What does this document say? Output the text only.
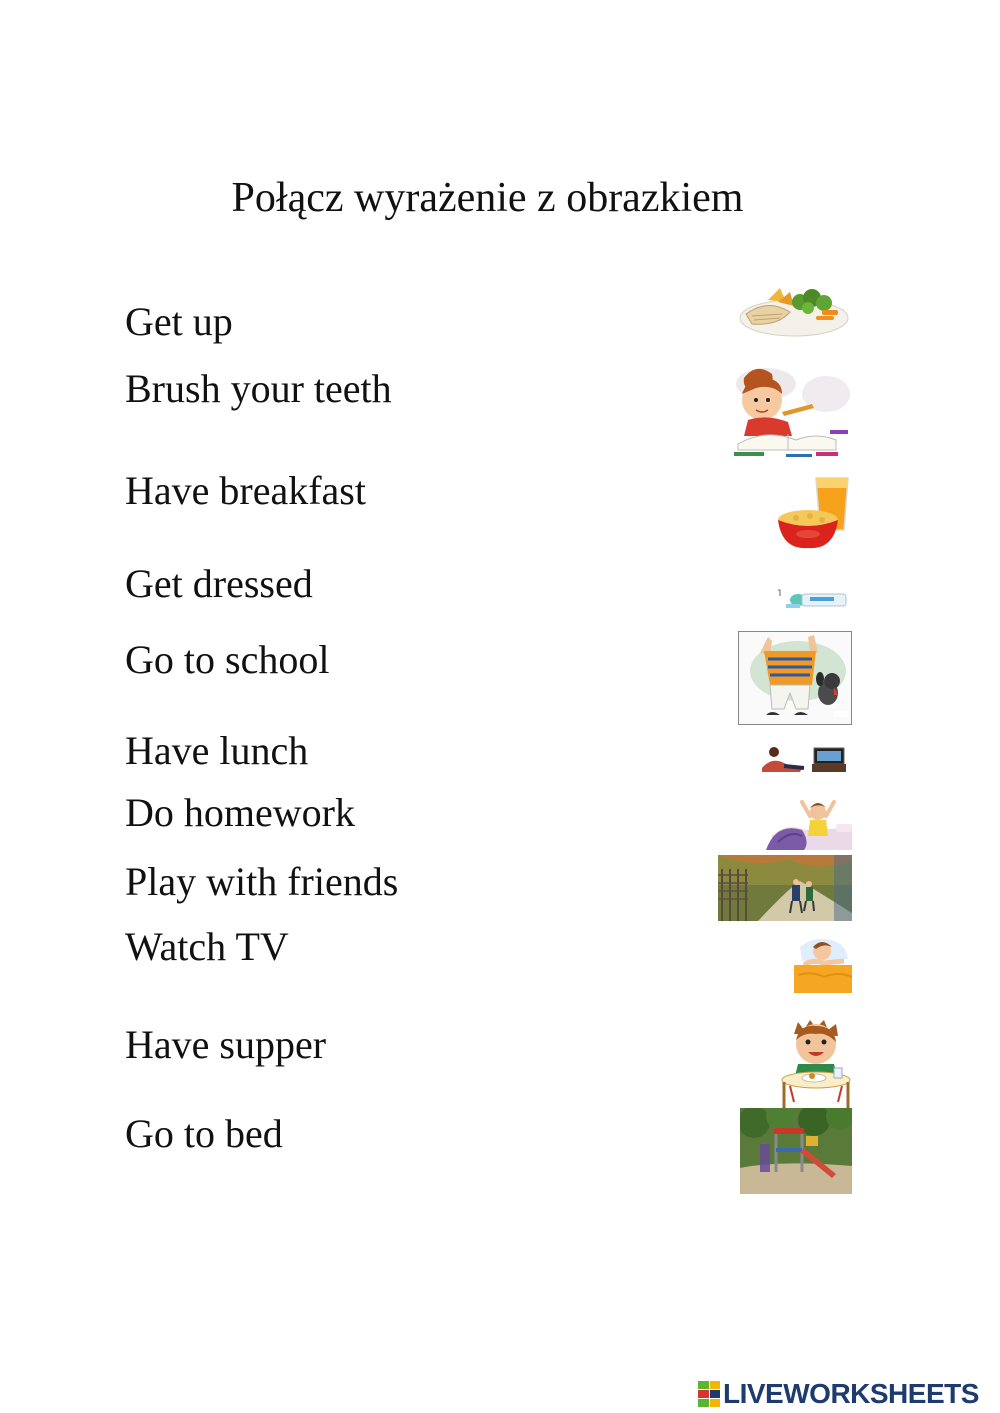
Połącz wyrażenie z obrazkiem
Get up
Brush your teeth
Have breakfast
Get dressed
Go to school
Have lunch
Do homework
Play with friends
Watch TV
Have supper
Go to bed
LIVEWORKSHEETS
